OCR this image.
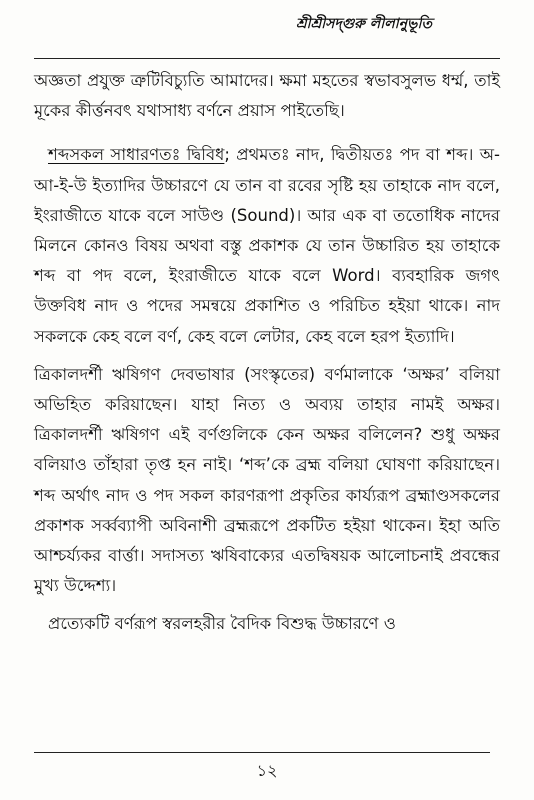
শ্রীশ্রীসদ্গুরু লীলানুভূতি

অজ্ঞতা প্রযুক্ত ত্রুটিবিচ্যুতি আমাদের। ক্ষমা মহতের স্বভাবসুলভ ধর্ম্ম, তাই মূকের কীর্ত্তনবৎ যথাসাধ্য বর্ণনে প্রয়াস পাইতেছি।

শব্দসকল সাধারণতঃ দ্বিবিধ; প্রথমতঃ নাদ, দ্বিতীয়তঃ পদ বা শব্দ। অ-আ-ই-উ ইত্যাদির উচ্চারণে যে তান বা রবের সৃষ্টি হয় তাহাকে নাদ বলে, ইংরাজীতে যাকে বলে সাউণ্ড (Sound)। আর এক বা ততোধিক নাদের মিলনে কোনও বিষয় অথবা বস্তু প্রকাশক যে তান উচ্চারিত হয় তাহাকে শব্দ বা পদ বলে, ইংরাজীতে যাকে বলে Word। ব্যবহারিক জগৎ উক্তবিধ নাদ ও পদের সমন্বয়ে প্রকাশিত ও পরিচিত হইয়া থাকে। নাদ সকলকে কেহ বলে বর্ণ, কেহ বলে লেটার, কেহ বলে হরপ ইত্যাদি।

ত্রিকালদর্শী ঋষিগণ দেবভাষার (সংস্কৃতের) বর্ণমালাকে ‘অক্ষর’ বলিয়া অভিহিত করিয়াছেন। যাহা নিত্য ও অব্যয় তাহার নামই অক্ষর। ত্রিকালদর্শী ঋষিগণ এই বর্ণগুলিকে কেন অক্ষর বলিলেন? শুধু অক্ষর বলিয়াও তাঁহারা তৃপ্ত হন নাই। ‘শব্দ’কে ব্রহ্ম বলিয়া ঘোষণা করিয়াছেন। শব্দ অর্থাৎ নাদ ও পদ সকল কারণরূপা প্রকৃতির কার্য্যরূপ ব্রহ্মাণ্ডসকলের প্রকাশক সর্ব্বব্যাপী অবিনাশী ব্রহ্মরূপে প্রকটিত হইয়া থাকেন। ইহা অতি আশ্চর্য্যকর বার্ত্তা। সদাসত্য ঋষিবাক্যের এতদ্বিষয়ক আলোচনাই প্রবন্ধের মুখ্য উদ্দেশ্য।

প্রত্যেকটি বর্ণরূপ স্বরলহরীর বৈদিক বিশুদ্ধ উচ্চারণে ও

১২
